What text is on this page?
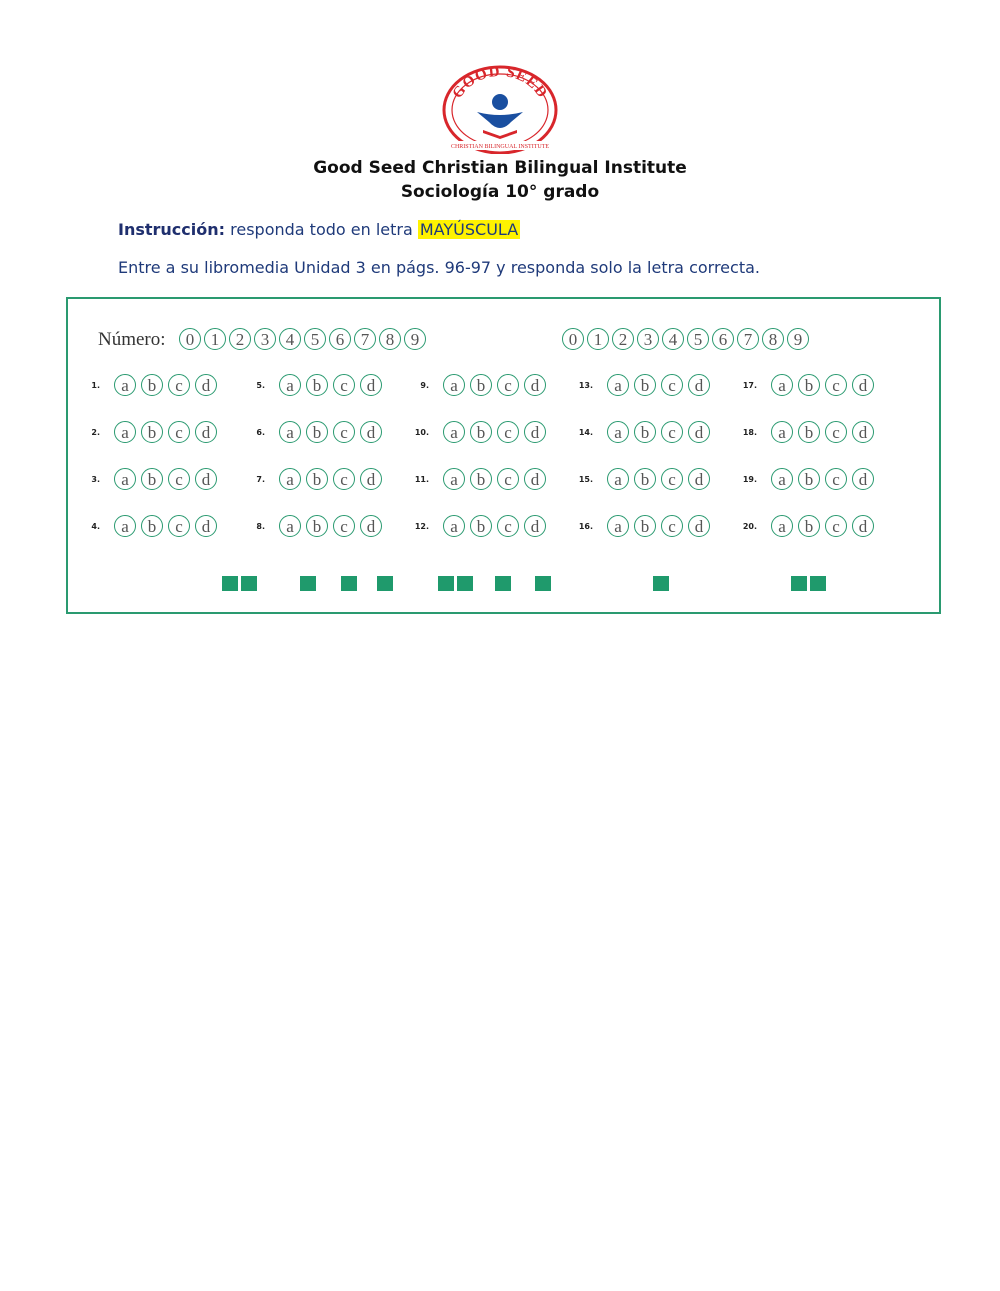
GOOD SEED
CHRISTIAN BILINGUAL INSTITUTE
Good Seed Christian Bilingual Institute
Sociología 10° grado
Instrucción: responda todo en letra MAYÚSCULA
Entre a su libromedia Unidad 3 en págs. 96-97 y responda solo la letra correcta.
Número:	0 1 2 3 4 5 6 7 8 9	0 1 2 3 4 5 6 7 8 9
1.	a	b	c	d
2.	a	b	c	d
3.	a	b	c	d
4.	a	b	c	d
5.	a	b	c	d
6.	a	b	c	d
7.	a	b	c	d
8.	a	b	c	d
9.	a	b	c	d
10.	a	b	c	d
11.	a	b	c	d
12.	a	b	c	d
13.	a	b	c	d
14.	a	b	c	d
15.	a	b	c	d
16.	a	b	c	d
17.	a	b	c	d
18.	a	b	c	d
19.	a	b	c	d
20.	a	b	c	d
